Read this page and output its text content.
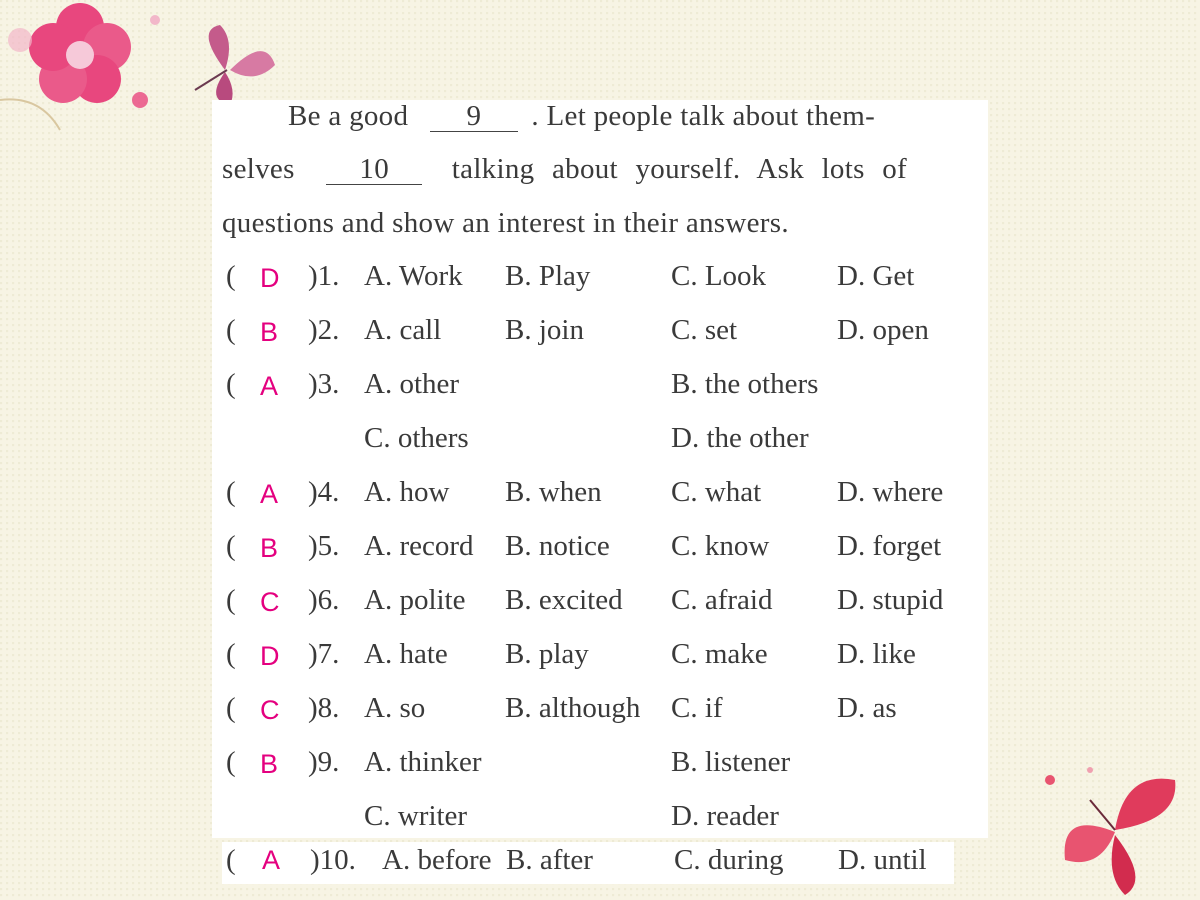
Be a good 9 . Let people talk about them-
selves 10 talking about yourself. Ask lots of
questions and show an interest in their answers.
( D )1. A. Work B. Play	C. Look D. Get
( B )2. A. call B. join	C. set	D. open
( A )3. A. other	B. the others
C. others	D. the other
( A )4. A. how B. when C. what	D. where
( B )5. A. record B. notice C. know D. forget
( C )6. A. polite B. excited C. afraid D. stupid
( D )7. A. hate B. play	C. make D. like
( C )8. A. so	B. although C. if	D. as
( B )9. A. thinker	B. listener
C. writer	D. reader
( A )10. A. before B. after	C. during D. until
